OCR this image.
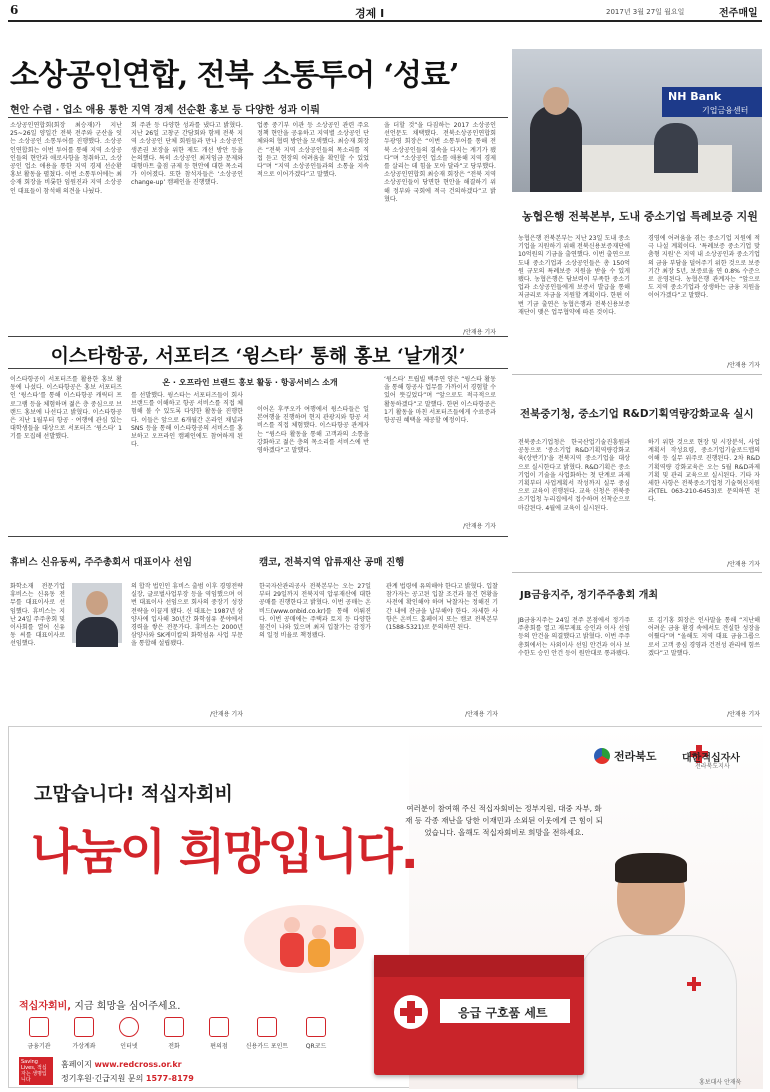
6	경제 I	2017년 3월 27일 월요일	전주매일
소상공인연합, 전북 소통투어 ‘성료’
현안 수렴 · 업소 애용 통한 지역 경제 선순환 홍보 등 다양한 성과 이뤄
소상공인연합회(회장 최승재)가 지난 25~26일 양일간 전북 전주와 군산을 잇는 소상공인 소통투어를 진행했다. 소상공인연합회는 이번 투어를 통해 지역 소상공인들의 현안과 애로사항을 청취하고, 소상공인 업소 애용을 통한 지역 경제 선순환 홍보 활동을 펼쳤다. 이번 소통투어에는 최승재 회장을 비롯한 임원진과 지역 소상공인 대표들이 참석해 의견을 나눴다.
회 주관 등 다양한 성과를 냈다고 밝혔다. 지난 26일 고창군 간담회와 함께 전북 지역 소상공인 단체 회원들과 만나 소상공인 생존권 보장을 위한 제도 개선 방안 등을 논의했다. 특히 소상공인 최저임금 문제와 대형마트 출점 규제 등 현안에 대한 목소리가 이어졌다. 또한 참석자들은 ‘소상공인 change-up’ 캠페인을 진행했다.
업종 중기부 이관 등 소상공인 관련 주요 정책 현안을 공유하고 지역별 소상공인 단체와의 협력 방안을 모색했다. 최승재 회장은 “전북 지역 소상공인들의 목소리를 직접 듣고 현장의 어려움을 확인할 수 있었다”며 “지역 소상공인들과의 소통을 지속적으로 이어가겠다”고 말했다.
을 더할 것”을 다짐하는 2017 소상공인 선언문도 채택했다. 전북소상공인연합회 두광영 회장은 “이번 소통투어를 통해 전북 소상공인들의 결속을 다지는 계기가 됐다”며 “소상공인 업소를 애용해 지역 경제를 살리는 데 힘을 모아 달라”고 당부했다. 소상공인연합회 최승재 회장은 “전북 지역 소상공인들이 당면한 현안을 해결하기 위해 정부와 국회에 적극 건의하겠다”고 밝혔다.
/안재용 기자
NH Bank
기업금융센터
농협은행 전북본부, 도내 중소기업 특례보증 지원
농협은행 전북본부는 지난 23일 도내 중소기업을 지원하기 위해 전북신용보증재단에 10억원의 기금을 출연했다. 이번 출연으로 도내 중소기업과 소상공인들은 총 150억원 규모의 특례보증 지원을 받을 수 있게 됐다. 농협은행은 담보력이 부족한 중소기업과 소상공인들에게 보증서 발급을 통해 저금리로 자금을 지원할 계획이다. 한편 이번 기금 출연은 농협은행과 전북신용보증재단이 맺은 업무협약에 따른 것이다.
경영에 어려움을 겪는 중소기업 지원에 적극 나설 계획이다. ‘특례보증 중소기업 맞춤형 지원’은 지역 내 소상공인과 중소기업의 금융 부담을 덜어주기 위한 것으로 보증기간 최장 5년, 보증료율 연 0.8% 수준으로 운영된다. 농협은행 관계자는 “앞으로도 지역 중소기업과 상생하는 금융 지원을 이어가겠다”고 말했다.
/안재용 기자
이스타항공, 서포터즈 ‘윙스타’ 통해 홍보 ‘날개짓’
이스타항공이 서포터즈를 활용한 홍보 활동에 나섰다. 이스타항공은 홍보 서포터즈인 ‘윙스타’를 통해 이스타항공 캐릭터 프로그램 등을 체험하며 젊은 층 중심으로 브랜드 홍보에 나선다고 밝혔다. 이스타항공은 지난 1월부터 항공 · 여행에 관심 있는 대학생들을 대상으로 서포터즈 ‘윙스타’ 1기를 모집해 선발했다.
온 · 오프라인 브랜드 홍보 활동 · 항공서비스 소개
를 선발했다. 윙스타는 서포터즈들이 회사 브랜드를 이해하고 항공 서비스를 직접 체험해 볼 수 있도록 다양한 활동을 진행한다. 이들은 앞으로 6개월간 온라인 채널과 SNS 등을 통해 이스타항공의 서비스를 홍보하고 오프라인 캠페인에도 참여하게 된다.
이어온 후쿠오카 여행에서 윙스타들은 일본여행을 진행하며 현지 관광지와 항공 서비스를 직접 체험했다. 이스타항공 관계자는 “윙스타 활동을 통해 고객과의 소통을 강화하고 젊은 층의 목소리를 서비스에 반영하겠다”고 말했다.
‘윙스타’ 트립빌 백주연 양은 “윙스타 활동을 통해 항공사 업무를 가까이서 경험할 수 있어 뜻깊었다”며 “앞으로도 적극적으로 활동하겠다”고 말했다. 한편 이스타항공은 1기 활동을 마친 서포터즈들에게 수료증과 항공권 혜택을 제공할 예정이다.
/안재용 기자
전북중기청, 중소기업 R&D기획역량강화교육 실시
전북중소기업청은 한국산업기술진흥원과 공동으로 ‘중소기업 R&D기획역량강화교육(상반기)’을 전북지역 중소기업을 대상으로 실시한다고 밝혔다. R&D기획은 중소기업이 기술을 사업화하는 첫 단계로 과제 기획부터 사업계획서 작성까지 실무 중심으로 교육이 진행된다. 교육 신청은 전북중소기업청 누리집에서 접수하며 선착순으로 마감된다. 4월에 교육이 실시된다.
하기 위한 것으로 현장 및 시장분석, 사업계획서 작성요령, 중소기업기술로드맵의 이해 등 실무 위주로 진행된다. 2차 R&D기획역량 강화교육은 오는 5월 R&D과제 기획 및 관리 교육으로 실시된다. 기타 자세한 사항은 전북중소기업청 기술혁신지원과(TEL 063-210-6453)로 문의하면 된다.
/안재용 기자
휴비스 신유동씨, 주주총회서 대표이사 선임
화학소재 전문기업 휴비스는 신유동 전무를 대표이사로 선임했다. 휴비스는 지난 24일 주주총회 및 이사회를 열어 신유동 씨를 대표이사로 선임했다.
의 합작 법인인 휴비스 출범 이후 경영전략실장, 글로벌사업부장 등을 역임했으며 이번 대표이사 선임으로 회사의 중장기 성장 전략을 이끌게 됐다. 신 대표는 1987년 삼양사에 입사해 30년간 화학섬유 분야에서 경력을 쌓은 전문가다. 휴비스는 2000년 삼양사와 SK케미칼의 화학섬유 사업 부문을 통합해 설립됐다.
/안재용 기자
캠코, 전북지역 압류재산 공매 진행
한국자산관리공사 전북본부는 오는 27일부터 29일까지 전북지역 압류재산에 대한 공매를 진행한다고 밝혔다. 이번 공매는 온비드(www.onbid.co.kr)를 통해 이뤄진다. 이번 공매에는 주택과 토지 등 다양한 물건이 나와 있으며 최저 입찰가는 감정가의 일정 비율로 책정됐다.
관계 법령에 유의해야 한다고 밝혔다. 입찰 참가자는 공고된 입찰 조건과 물건 현황을 사전에 확인해야 하며 낙찰자는 정해진 기간 내에 잔금을 납부해야 한다. 자세한 사항은 온비드 홈페이지 또는 캠코 전북본부(1588-5321)로 문의하면 된다.
/안재용 기자
JB금융지주, 정기주주총회 개최
JB금융지주는 24일 전주 본점에서 정기주주총회를 열고 재무제표 승인과 이사 선임 등의 안건을 의결했다고 밝혔다. 이번 주주총회에서는 사외이사 선임 안건과 이사 보수한도 승인 안건 등이 원안대로 통과됐다.
또 김기홍 회장은 인사말을 통해 “지난해 어려운 금융 환경 속에서도 견실한 성장을 이뤘다”며 “올해도 지역 대표 금융그룹으로서 고객 중심 경영과 건전성 관리에 힘쓰겠다”고 말했다.
/안재용 기자
전라북도	대한적십자사
전라북도지사
고맙습니다! 적십자회비
나눔이 희망입니다.
여러분이 참여해 주신 적십자회비는 정부지원, 대중 자부, 화재 등 각종 재난을 당한 이재민과 소외된 이웃에게 큰 힘이 되었습니다. 올해도 적십자회비로 희망을 전하세요.
적십자회비, 지금 희망을 심어주세요.
금융기관	가상계좌	인터넷	전화	편의점	신용카드 포인트	QR코드
Saving Lives, 적십자는 생명입니다
홈페이지 www.redcross.or.kr
정기후원·긴급지원 문의 1577-8179
응급 구호품 세트
홍보대사 안재욱
